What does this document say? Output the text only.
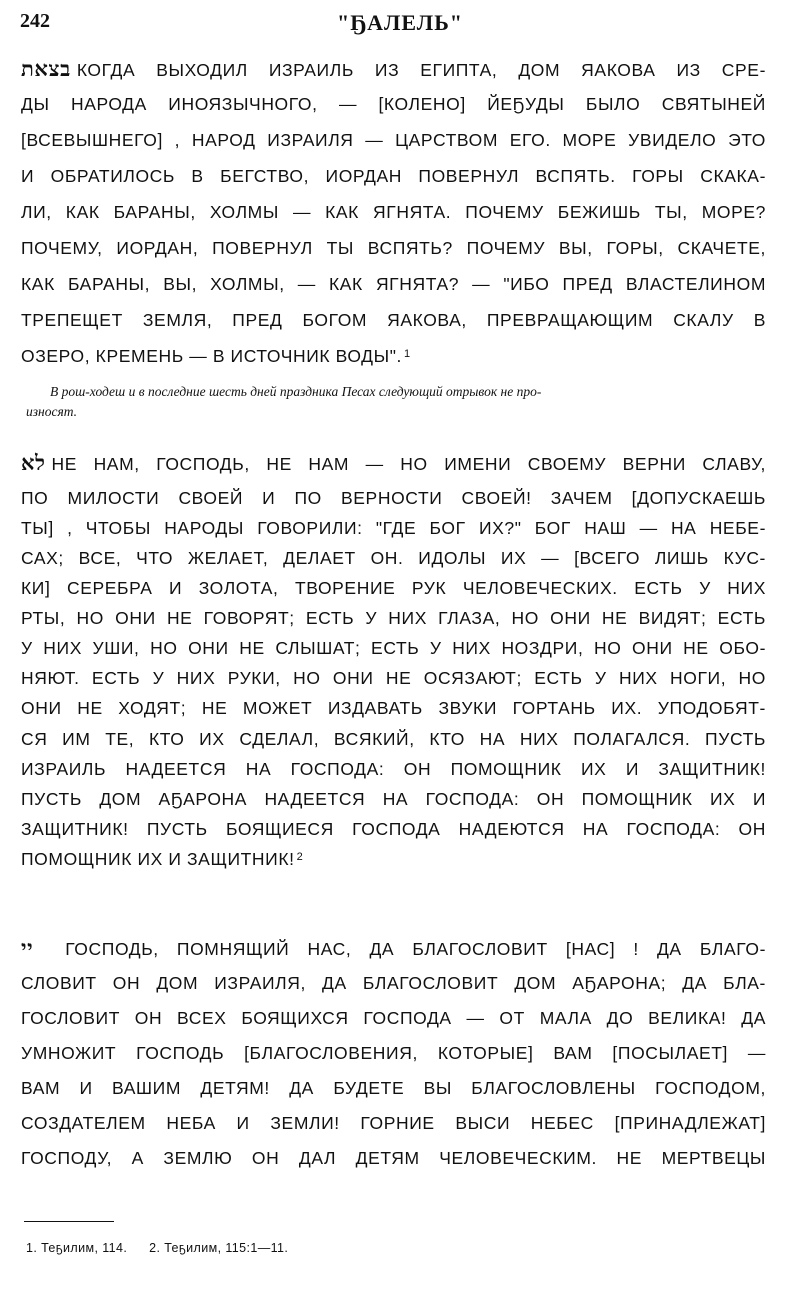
242	"ҔАЛЕЛЬ"
בצאת КОГДА ВЫХОДИЛ ИЗРАИЛЬ ИЗ ЕГИПТА, ДОМ ЯАКОВА ИЗ СРЕ-
ДЫ НАРОДА ИНОЯЗЫЧНОГО, — [КОЛЕНО] ЙЕҔУДЫ БЫЛО СВЯТЫНЕЙ
[ВСЕВЫШНЕГО] , НАРОД ИЗРАИЛЯ — ЦАРСТВОМ ЕГО. МОРЕ УВИДЕЛО ЭТО
И ОБРАТИЛОСЬ В БЕГСТВО, ИОРДАН ПОВЕРНУЛ ВСПЯТЬ. ГОРЫ СКАКА-
ЛИ, КАК БАРАНЫ, ХОЛМЫ — КАК ЯГНЯТА. ПОЧЕМУ БЕЖИШЬ ТЫ, МОРЕ?
ПОЧЕМУ, ИОРДАН, ПОВЕРНУЛ ТЫ ВСПЯТЬ? ПОЧЕМУ ВЫ, ГОРЫ, СКАЧЕТЕ,
КАК БАРАНЫ, ВЫ, ХОЛМЫ, — КАК ЯГНЯТА? — "ИБО ПРЕД ВЛАСТЕЛИНОМ
ТРЕПЕЩЕТ ЗЕМЛЯ, ПРЕД БОГОМ ЯАКОВА, ПРЕВРАЩАЮЩИМ СКАЛУ В
ОЗЕРО, КРЕМЕНЬ — В ИСТОЧНИК ВОДЫ". $^1$
В рош-ходеш и в последние шесть дней праздника Песах следующий отрывок не про-
износят.
לא НЕ НАМ, ГОСПОДЬ, НЕ НАМ — НО ИМЕНИ СВОЕМУ ВЕРНИ СЛАВУ,
ПО МИЛОСТИ СВОЕЙ И ПО ВЕРНОСТИ СВОЕЙ! ЗАЧЕМ [ДОПУСКАЕШЬ
ТЫ] , ЧТОБЫ НАРОДЫ ГОВОРИЛИ: "ГДЕ БОГ ИХ?" БОГ НАШ — НА НЕБЕ-
САХ; ВСЕ, ЧТО ЖЕЛАЕТ, ДЕЛАЕТ ОН. ИДОЛЫ ИХ — [ВСЕГО ЛИШЬ КУС-
КИ] СЕРЕБРА И ЗОЛОТА, ТВОРЕНИЕ РУК ЧЕЛОВЕЧЕСКИХ. ЕСТЬ У НИХ
РТЫ, НО ОНИ НЕ ГОВОРЯТ; ЕСТЬ У НИХ ГЛАЗА, НО ОНИ НЕ ВИДЯТ; ЕСТЬ
У НИХ УШИ, НО ОНИ НЕ СЛЫШАТ; ЕСТЬ У НИХ НОЗДРИ, НО ОНИ НЕ ОБО-
НЯЮТ. ЕСТЬ У НИХ РУКИ, НО ОНИ НЕ ОСЯЗАЮТ; ЕСТЬ У НИХ НОГИ, НО
ОНИ НЕ ХОДЯТ; НЕ МОЖЕТ ИЗДАВАТЬ ЗВУКИ ГОРТАНЬ ИХ. УПОДОБЯТ-
СЯ ИМ ТЕ, КТО ИХ СДЕЛАЛ, ВСЯКИЙ, КТО НА НИХ ПОЛАГАЛСЯ. ПУСТЬ
ИЗРАИЛЬ НАДЕЕТСЯ НА ГОСПОДА: ОН ПОМОЩНИК ИХ И ЗАЩИТНИК!
ПУСТЬ ДОМ АҔАРОНА НАДЕЕТСЯ НА ГОСПОДА: ОН ПОМОЩНИК ИХ И
ЗАЩИТНИК! ПУСТЬ БОЯЩИЕСЯ ГОСПОДА НАДЕЮТСЯ НА ГОСПОДА: ОН
ПОМОЩНИК ИХ И ЗАЩИТНИК! $^2$
יי ГОСПОДЬ, ПОМНЯЩИЙ НАС, ДА БЛАГОСЛОВИТ [НАС] ! ДА БЛАГО-
СЛОВИТ ОН ДОМ ИЗРАИЛЯ, ДА БЛАГОСЛОВИТ ДОМ АҔАРОНА; ДА БЛА-
ГОСЛОВИТ ОН ВСЕХ БОЯЩИХСЯ ГОСПОДА — ОТ МАЛА ДО ВЕЛИКА! ДА
УМНОЖИТ ГОСПОДЬ [БЛАГОСЛОВЕНИЯ, КОТОРЫЕ] ВАМ [ПОСЫЛАЕТ] —
ВАМ И ВАШИМ ДЕТЯМ! ДА БУДЕТЕ ВЫ БЛАГОСЛОВЛЕНЫ ГОСПОДОМ,
СОЗДАТЕЛЕМ НЕБА И ЗЕМЛИ! ГОРНИЕ ВЫСИ НЕБЕС [ПРИНАДЛЕЖАТ]
ГОСПОДУ, А ЗЕМЛЮ ОН ДАЛ ДЕТЯМ ЧЕЛОВЕЧЕСКИМ. НЕ МЕРТВЕЦЫ
1. Теҕилим, 114. 2. Теҕилим, 115:1—11.
